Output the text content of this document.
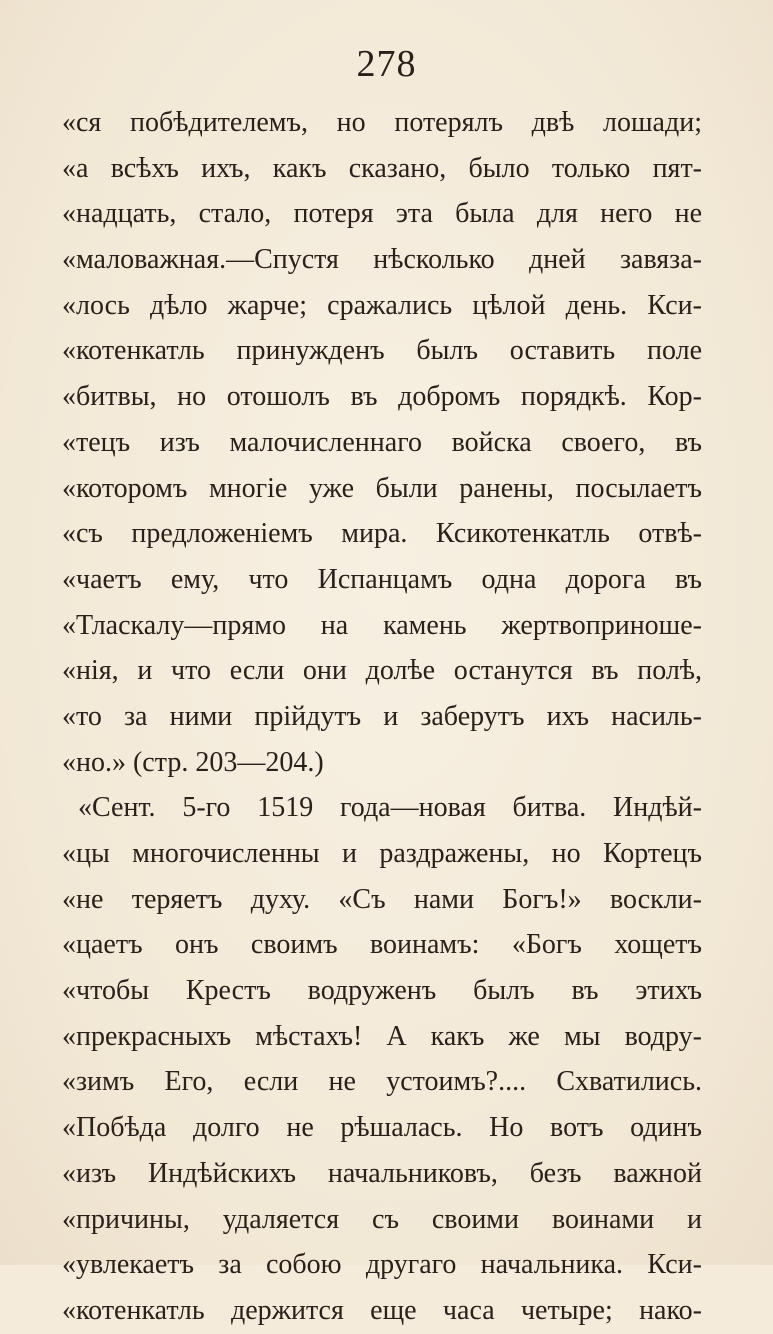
278
«ся побѣдителемъ, но потерялъ двѣ лошади;
«а всѣхъ ихъ, какъ сказано, было только пят-
«надцать, стало, потеря эта была для него не
«маловажная.—Спустя нѣсколько дней завяза-
«лось дѣло жарче; сражались цѣлой день. Кси-
«котенкатль принужденъ былъ оставить поле
«битвы, но отошолъ въ добромъ порядкѣ. Кор-
«тецъ изъ малочисленнаго войска своего, въ
«которомъ многіе уже были ранены, посылаетъ
«съ предложеніемъ мира. Ксикотенкатль отвѣ-
«чаетъ ему, что Испанцамъ одна дорога въ
«Тласкалу—прямо на камень жертвоприноше-
«нія, и что если они долѣе останутся въ полѣ,
«то за ними прійдутъ и заберутъ ихъ насиль-
«но.» (стр. 203—204.)
«Сент. 5-го 1519 года—новая битва. Индѣй-
«цы многочисленны и раздражены, но Кортецъ
«не теряетъ духу. «Съ нами Богъ!» воскли-
«цаетъ онъ своимъ воинамъ: «Богъ хощетъ
«чтобы Крестъ водруженъ былъ въ этихъ
«прекрасныхъ мѣстахъ! А какъ же мы водру-
«зимъ Его, если не устоимъ?.... Схватились.
«Побѣда долго не рѣшалась. Но вотъ одинъ
«изъ Индѣйскихъ начальниковъ, безъ важной
«причины, удаляется съ своими воинами и
«увлекаетъ за собою другаго начальника. Кси-
«котенкатль держится еще часа четыре; нако-
